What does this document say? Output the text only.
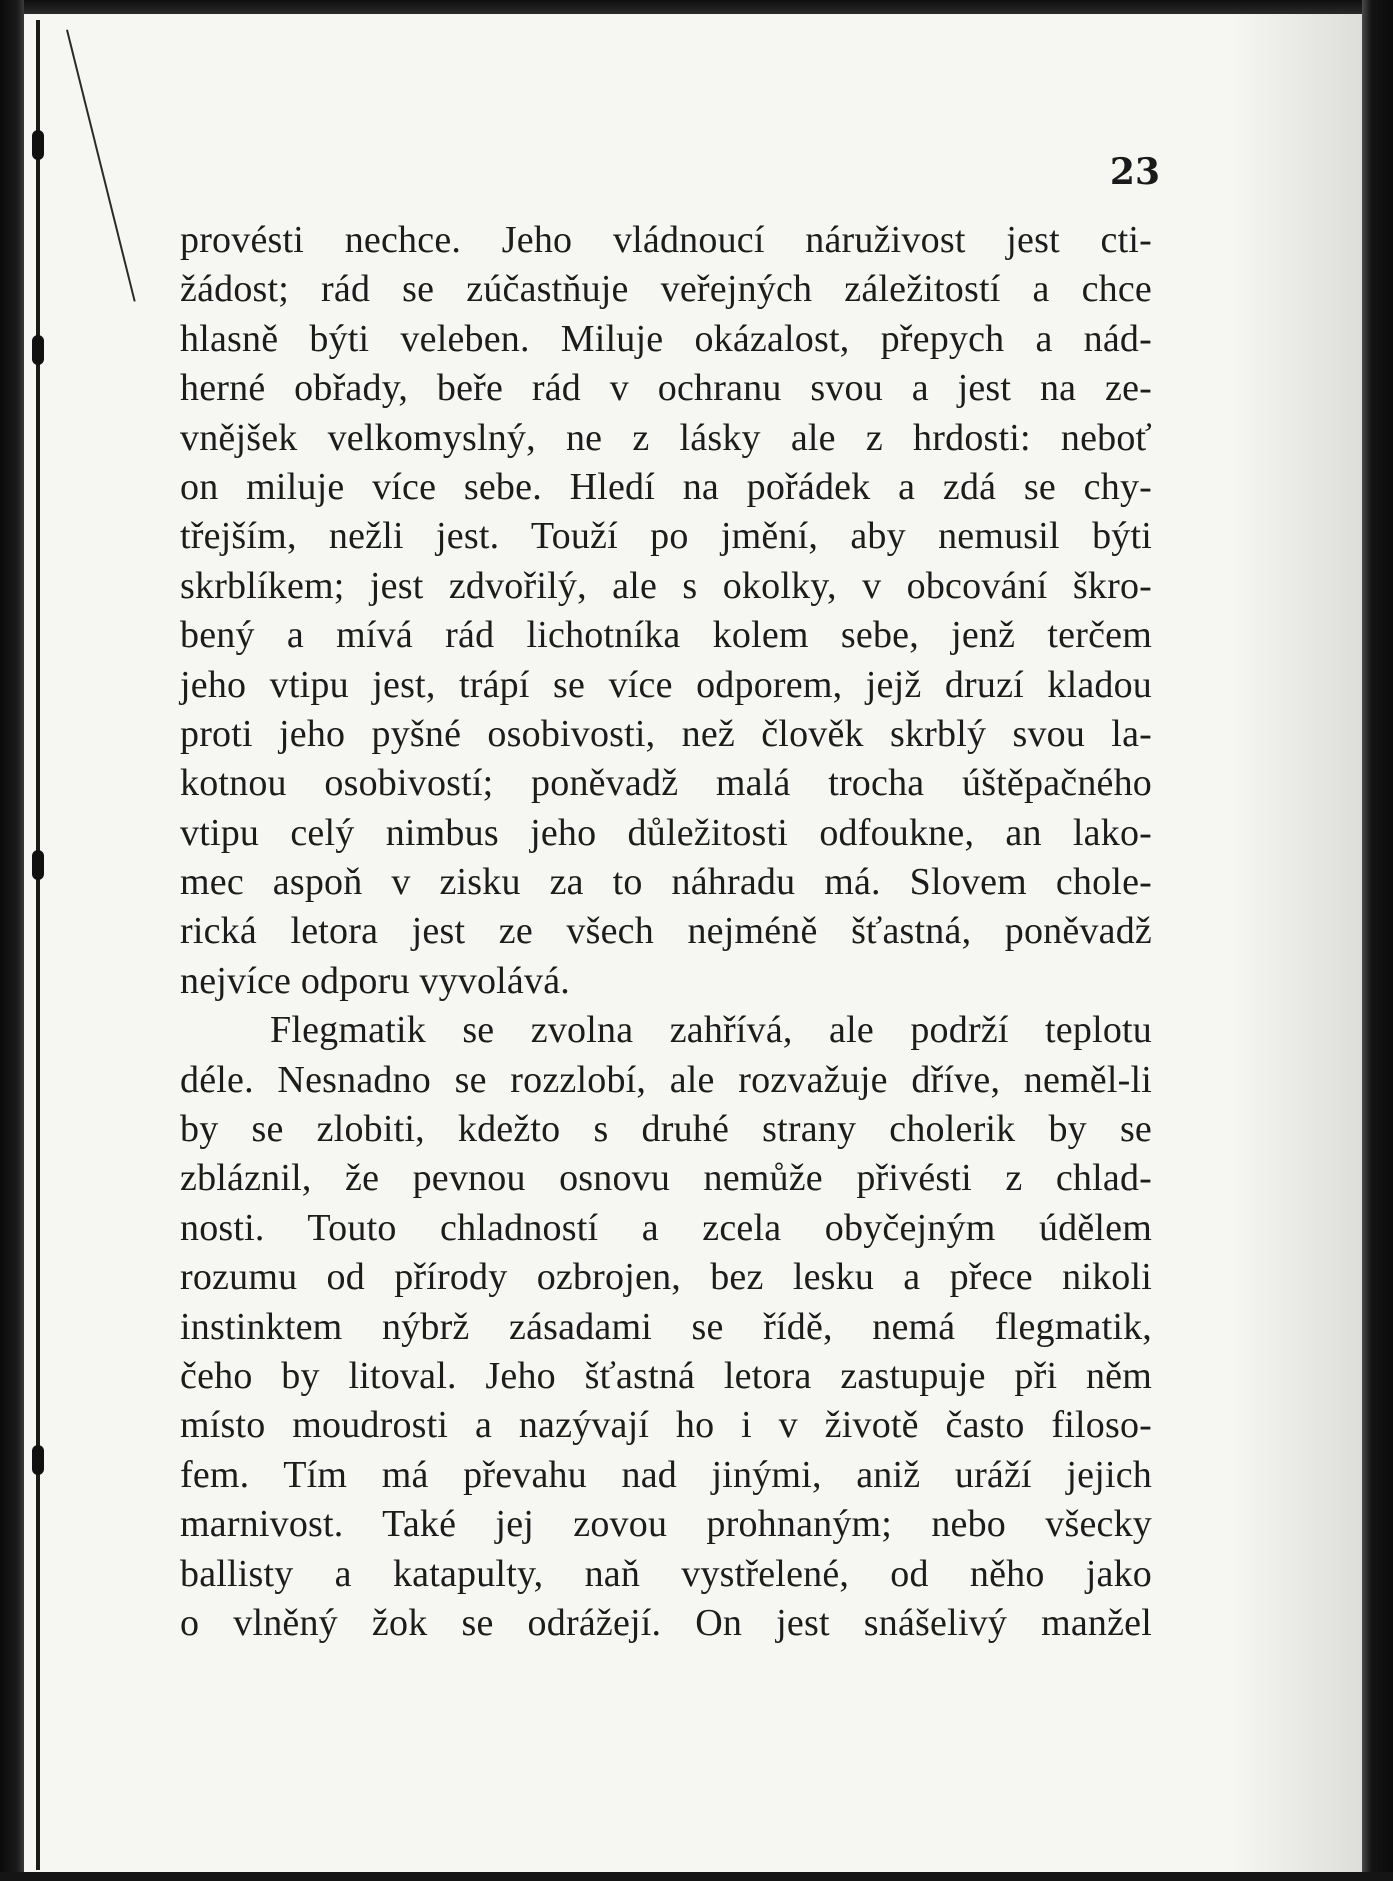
23
provésti nechce. Jeho vládnoucí náruživost jest cti-
žádost; rád se zúčastňuje veřejných záležitostí a chce
hlasně býti veleben. Miluje okázalost, přepych a nád-
herné obřady, beře rád v ochranu svou a jest na ze-
vnějšek velkomyslný, ne z lásky ale z hrdosti: neboť
on miluje více sebe. Hledí na pořádek a zdá se chy-
třejším, nežli jest. Touží po jmění, aby nemusil býti
skrblíkem; jest zdvořilý, ale s okolky, v obcování škro-
bený a mívá rád lichotníka kolem sebe, jenž terčem
jeho vtipu jest, trápí se více odporem, jejž druzí kladou
proti jeho pyšné osobivosti, než člověk skrblý svou la-
kotnou osobivostí; poněvadž malá trocha úštěpačného
vtipu celý nimbus jeho důležitosti odfoukne, an lako-
mec aspoň v zisku za to náhradu má. Slovem chole-
rická letora jest ze všech nejméně šťastná, poněvadž
nejvíce odporu vyvolává.
Flegmatik se zvolna zahřívá, ale podrží teplotu
déle. Nesnadno se rozzlobí, ale rozvažuje dříve, neměl-li
by se zlobiti, kdežto s druhé strany cholerik by se
zbláznil, že pevnou osnovu nemůže přivésti z chlad-
nosti. Touto chladností a zcela obyčejným údělem
rozumu od přírody ozbrojen, bez lesku a přece nikoli
instinktem nýbrž zásadami se řídě, nemá flegmatik,
čeho by litoval. Jeho šťastná letora zastupuje při něm
místo moudrosti a nazývají ho i v životě často filoso-
fem. Tím má převahu nad jinými, aniž uráží jejich
marnivost. Také jej zovou prohnaným; nebo všecky
ballisty a katapulty, naň vystřelené, od něho jako
o vlněný žok se odrážejí. On jest snášelivý manžel
